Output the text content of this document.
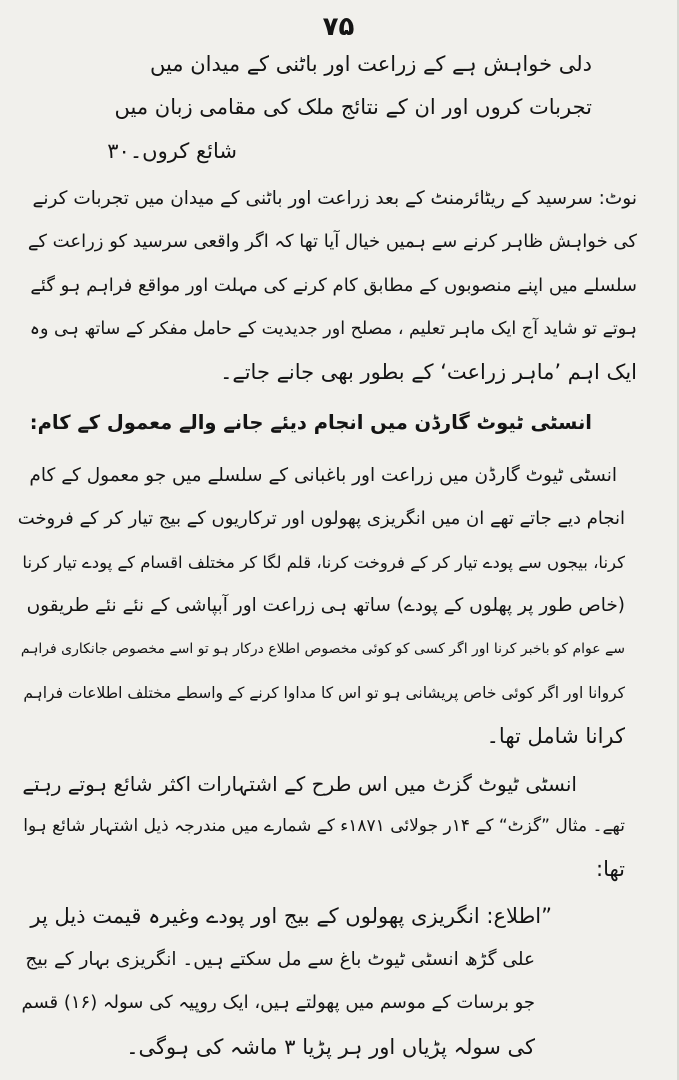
۷۵
دلی خواہش ہے کے زراعت اور باٹنی کے میدان میں
تجربات کروں اور ان کے نتائج ملک کی مقامی زبان میں
شائع کروں۔۳۰
نوٹ: سرسید کے ریٹائرمنٹ کے بعد زراعت اور باٹنی کے میدان میں تجربات کرنے
کی خواہش ظاہر کرنے سے ہمیں خیال آیا تھا کہ اگر واقعی سرسید کو زراعت کے
سلسلے میں اپنے منصوبوں کے مطابق کام کرنے کی مہلت اور مواقع فراہم ہو گئے
ہوتے تو شاید آج ایک ماہر تعلیم ، مصلح اور جدیدیت کے حامل مفکر کے ساتھ ہی وہ
ایک اہم ’ماہر زراعت‘ کے بطور بھی جانے جاتے۔
انسٹی ٹیوٹ گارڈن میں انجام دیئے جانے والے معمول کے کام:
انسٹی ٹیوٹ گارڈن میں زراعت اور باغبانی کے سلسلے میں جو معمول کے کام
انجام دیے جاتے تھے ان میں انگریزی پھولوں اور ترکاریوں کے بیج تیار کر کے فروخت
کرنا، بیجوں سے پودے تیار کر کے فروخت کرنا، قلم لگا کر مختلف اقسام کے پودے تیار کرنا
(خاص طور پر پھلوں کے پودے) ساتھ ہی زراعت اور آبپاشی کے نئے نئے طریقوں
سے عوام کو باخبر کرنا اور اگر کسی کو کوئی مخصوص اطلاع درکار ہو تو اسے مخصوص جانکاری فراہم
کروانا اور اگر کوئی خاص پریشانی ہو تو اس کا مداوا کرنے کے واسطے مختلف اطلاعات فراہم
کرانا شامل تھا۔
انسٹی ٹیوٹ گزٹ میں اس طرح کے اشتہارات اکثر شائع ہوتے رہتے
تھے۔ مثال ”گزٹ“ کے ۱۴ر جولائی ۱۸۷۱ء کے شمارے میں مندرجہ ذیل اشتہار شائع ہوا
تھا:
”اطلاع: انگریزی پھولوں کے بیج اور پودے وغیرہ قیمت ذیل پر
علی گڑھ انسٹی ٹیوٹ باغ سے مل سکتے ہیں۔ انگریزی بہار کے بیج
جو برسات کے موسم میں پھولتے ہیں، ایک روپیہ کی سولہ (۱۶) قسم
کی سولہ پڑیاں اور ہر پڑیا ۳ ماشہ کی ہوگی۔
